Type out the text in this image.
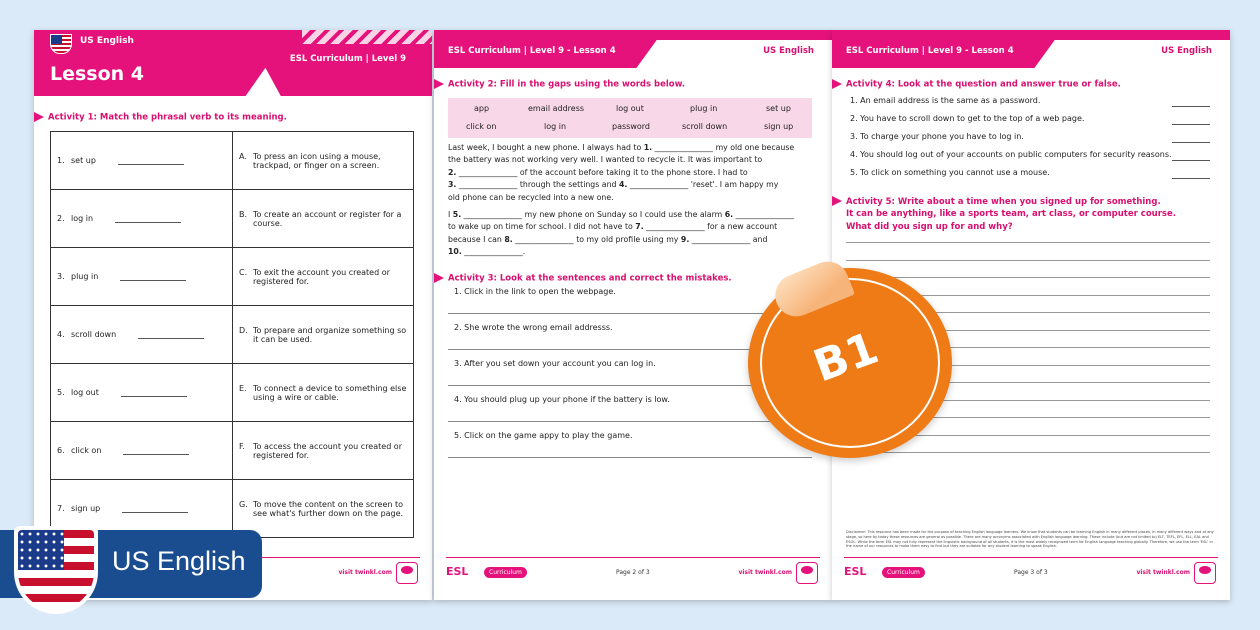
US English
Lesson 4
ESL Curriculum | Level 9
Activity 1: Match the phrasal verb to its meaning.
1. set up	A. To press an icon using a mouse, trackpad, or finger on a screen.

2. log in	B. To create an account or register for a course.

3. plug in	C. To exit the account you created or registered for.

4. scroll down	D. To prepare and organize something so it can be used.

5. log out	E. To connect a device to something else using a wire or cable.

6. click on	F. To access the account you created or registered for.

7. sign up	G. To move the content on the screen to see what's further down on the page.
visit twinkl.com
ESL Curriculum | Level 9 - Lesson 4	US English
Activity 2: Fill in the gaps using the words below.
app	email address	log out	plug in	set up
click on	log in	password	scroll down	sign up
Last week, I bought a new phone. I always had to 1. _______________ my old one because
the battery was not working very well. I wanted to recycle it. It was important to
2. _______________ of the account before taking it to the phone store. I had to
3. _______________ through the settings and 4. _______________ 'reset'. I am happy my
old phone can be recycled into a new one.
I 5. _______________ my new phone on Sunday so I could use the alarm 6. _______________
to wake up on time for school. I did not have to 7. _______________ for a new account
because I can 8. _______________ to my old profile using my 9. _______________ and
10. _______________.
Activity 3: Look at the sentences and correct the mistakes.
1. Click in the link to open the webpage.
2. She wrote the wrong email addresss.
3. After you set down your account you can log in.
4. You should plug up your phone if the battery is low.
5. Click on the game appy to play the game.
ESL	Curriculum	Page 2 of 3	visit twinkl.com
ESL Curriculum | Level 9 - Lesson 4	US English
Activity 4: Look at the question and answer true or false.
1. An email address is the same as a password.
2. You have to scroll down to get to the top of a web page.
3. To charge your phone you have to log in.
4. You should log out of your accounts on public computers for security reasons.
5. To click on something you cannot use a mouse.
Activity 5: Write about a time when you signed up for something.
It can be anything, like a sports team, art class, or computer course.
What did you sign up for and why?
Disclaimer: This resource has been made for the purpose of teaching English language learners. We know that students can be learning English in many different places, in many different ways and at any stage, so here by today these resources are general as possible. There are many acronyms associated with English language learning. These include (but are not limited to) ELT, TEFL, EFL, ELL, EAL and ESOL. While the term ESL may not fully represent the linguistic background of all students, it is the most widely recognized term for English language teaching globally. Therefore, we use the term 'ESL' in the name of our resources to make them easy to find but they are suitable for any student learning to speak English.
ESL	Curriculum	Page 3 of 3	visit twinkl.com
B1
US English
